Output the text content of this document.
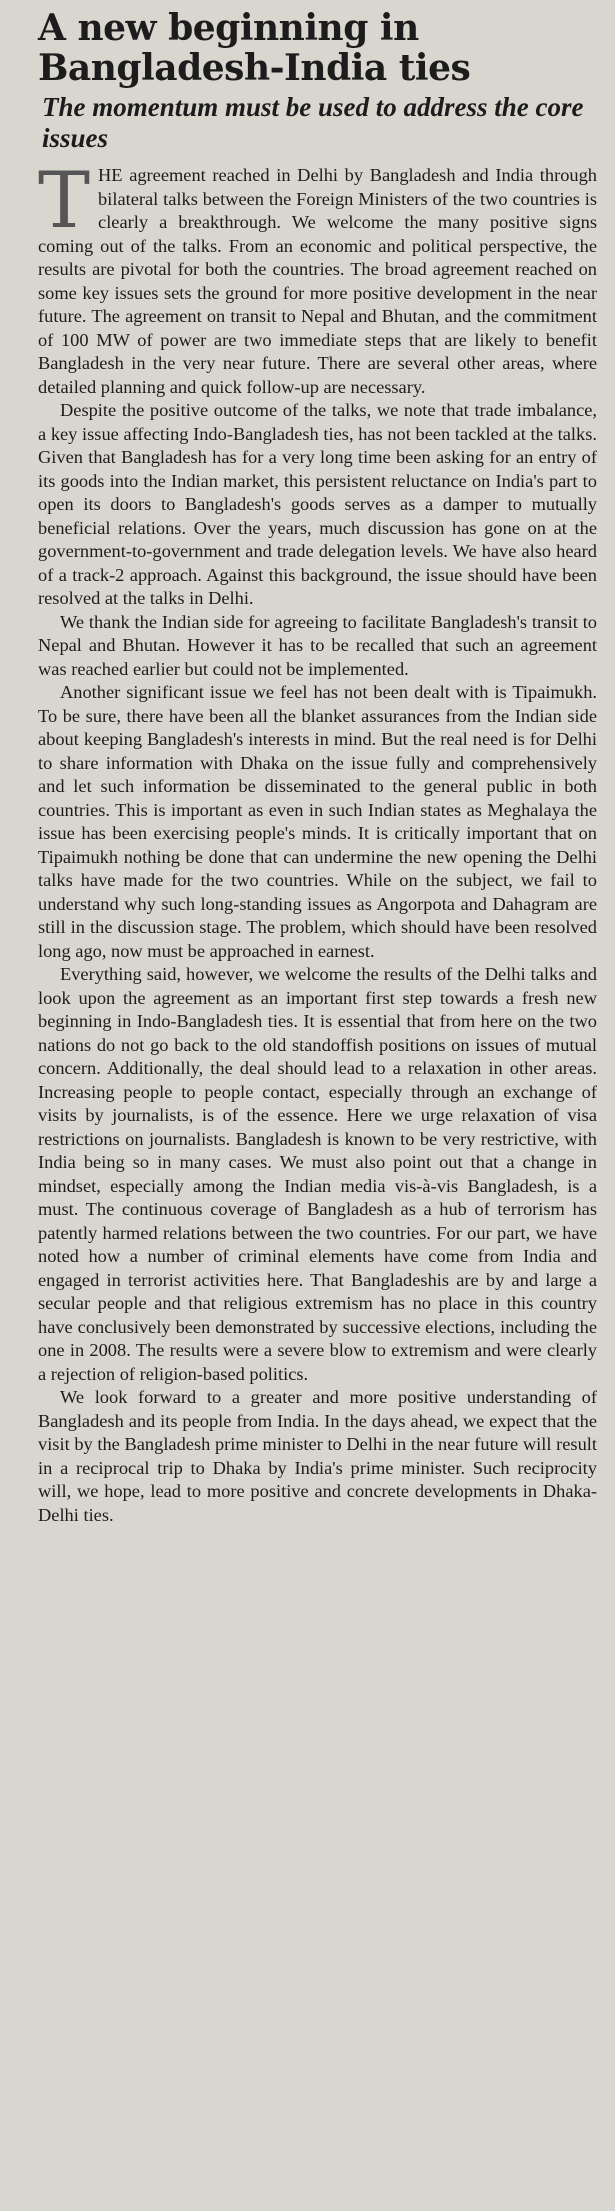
A new beginning in Bangladesh-India ties
The momentum must be used to address the core issues

THE agreement reached in Delhi by Bangladesh and India through bilateral talks between the Foreign Ministers of the two countries is clearly a breakthrough. We welcome the many positive signs coming out of the talks. From an economic and political perspective, the results are pivotal for both the countries. The broad agreement reached on some key issues sets the ground for more positive development in the near future. The agreement on transit to Nepal and Bhutan, and the commitment of 100 MW of power are two immediate steps that are likely to benefit Bangladesh in the very near future. There are several other areas, where detailed planning and quick follow-up are necessary.

Despite the positive outcome of the talks, we note that trade imbalance, a key issue affecting Indo-Bangladesh ties, has not been tackled at the talks. Given that Bangladesh has for a very long time been asking for an entry of its goods into the Indian market, this persistent reluctance on India's part to open its doors to Bangladesh's goods serves as a damper to mutually beneficial relations. Over the years, much discussion has gone on at the government-to-government and trade delegation levels. We have also heard of a track-2 approach. Against this background, the issue should have been resolved at the talks in Delhi.

We thank the Indian side for agreeing to facilitate Bangladesh's transit to Nepal and Bhutan. However it has to be recalled that such an agreement was reached earlier but could not be implemented.

Another significant issue we feel has not been dealt with is Tipaimukh. To be sure, there have been all the blanket assurances from the Indian side about keeping Bangladesh's interests in mind. But the real need is for Delhi to share information with Dhaka on the issue fully and comprehensively and let such information be disseminated to the general public in both countries. This is important as even in such Indian states as Meghalaya the issue has been exercising people's minds. It is critically important that on Tipaimukh nothing be done that can undermine the new opening the Delhi talks have made for the two countries. While on the subject, we fail to understand why such long-standing issues as Angorpota and Dahagram are still in the discussion stage. The problem, which should have been resolved long ago, now must be approached in earnest.

Everything said, however, we welcome the results of the Delhi talks and look upon the agreement as an important first step towards a fresh new beginning in Indo-Bangladesh ties. It is essential that from here on the two nations do not go back to the old standoffish positions on issues of mutual concern. Additionally, the deal should lead to a relaxation in other areas. Increasing people to people contact, especially through an exchange of visits by journalists, is of the essence. Here we urge relaxation of visa restrictions on journalists. Bangladesh is known to be very restrictive, with India being so in many cases. We must also point out that a change in mindset, especially among the Indian media vis-à-vis Bangladesh, is a must. The continuous coverage of Bangladesh as a hub of terrorism has patently harmed relations between the two countries. For our part, we have noted how a number of criminal elements have come from India and engaged in terrorist activities here. That Bangladeshis are by and large a secular people and that religious extremism has no place in this country have conclusively been demonstrated by successive elections, including the one in 2008. The results were a severe blow to extremism and were clearly a rejection of religion-based politics.

We look forward to a greater and more positive understanding of Bangladesh and its people from India. In the days ahead, we expect that the visit by the Bangladesh prime minister to Delhi in the near future will result in a reciprocal trip to Dhaka by India's prime minister. Such reciprocity will, we hope, lead to more positive and concrete developments in Dhaka-Delhi ties.
